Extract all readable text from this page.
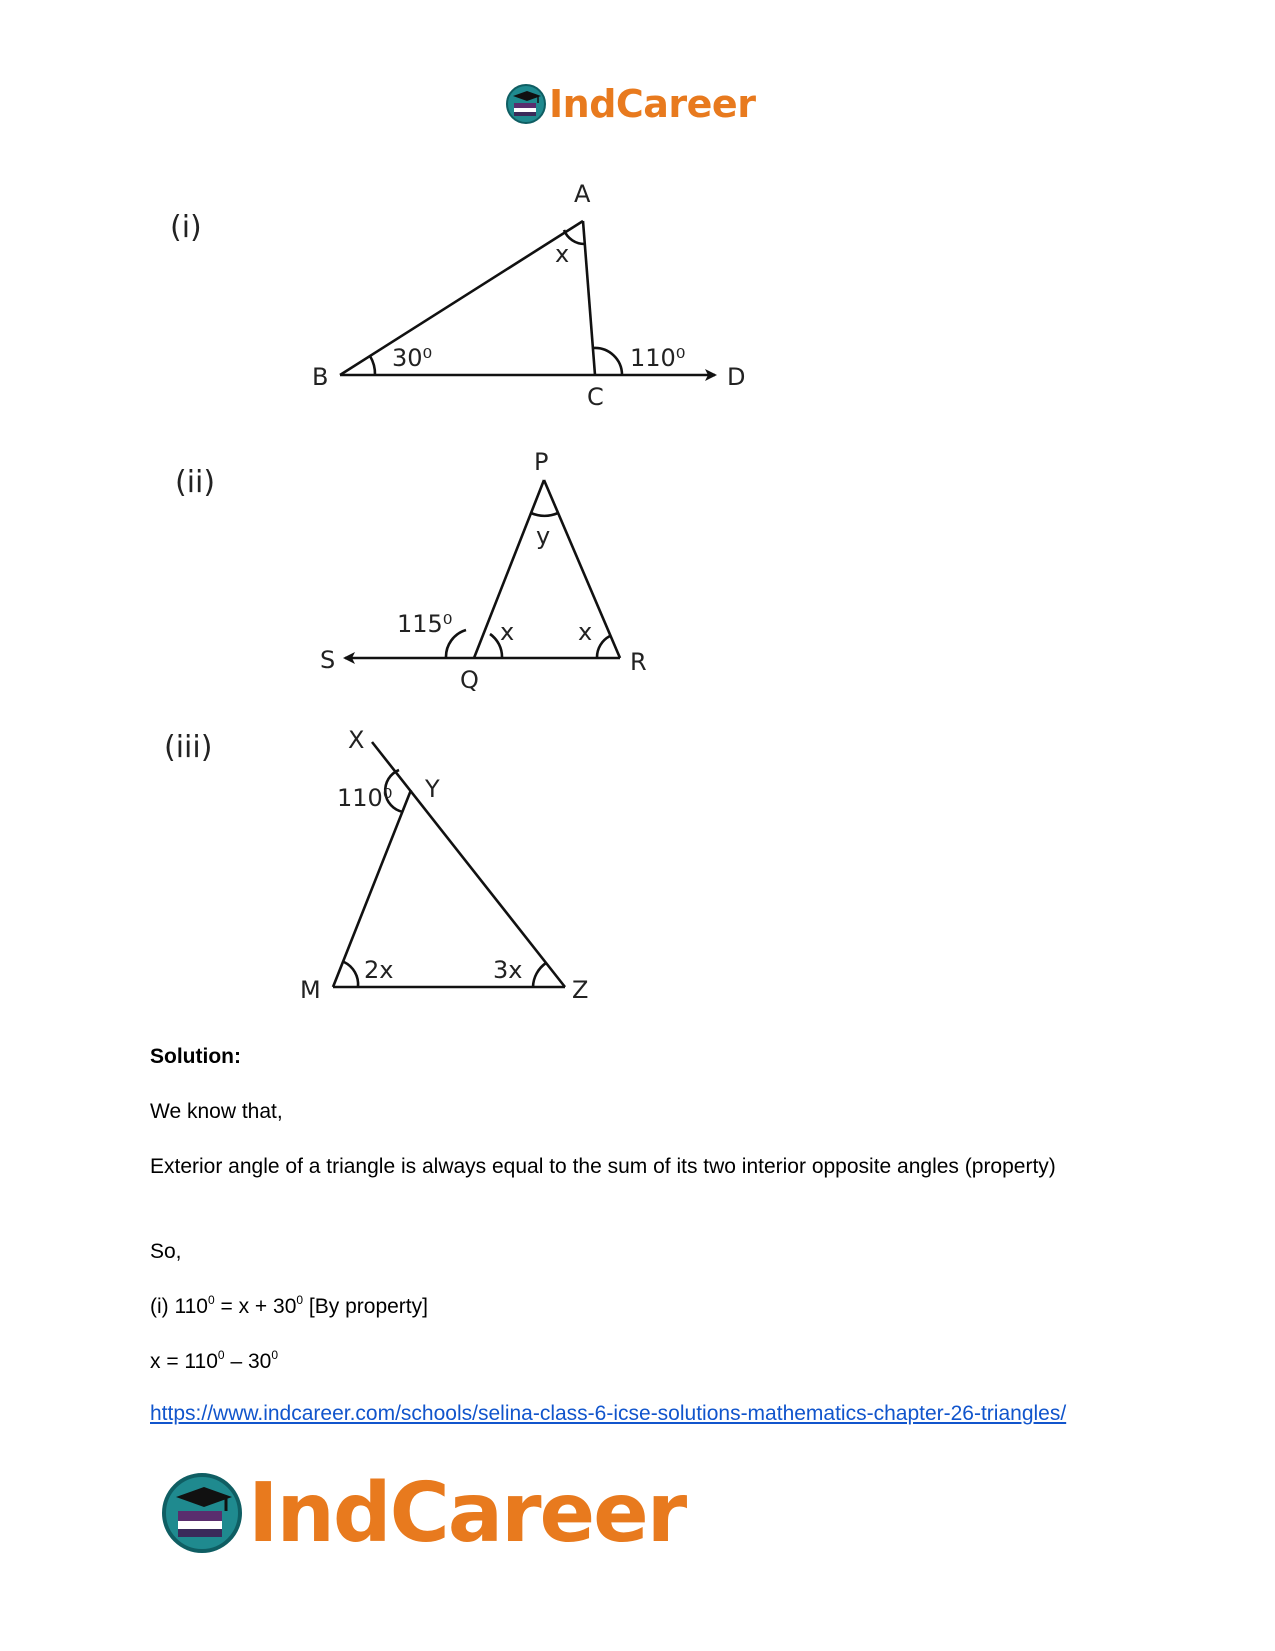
IndCareer
(i)
A
B
C
D
x
30⁰	110⁰
P
Q
R
S
y
x	x
115⁰
X
Y
M	Z
2x	3x
110⁰
(ii)
(iii)
Solution:
We know that,
Exterior angle of a triangle is always equal to the sum of its two interior opposite angles (property)
So,
(i) $110^0 = x + 30^0$ [By property]
$x = 110^0 - 30^0$
https://www.indcareer.com/schools/selina-class-6-icse-solutions-mathematics-chapter-26-triangles/
IndCareer
